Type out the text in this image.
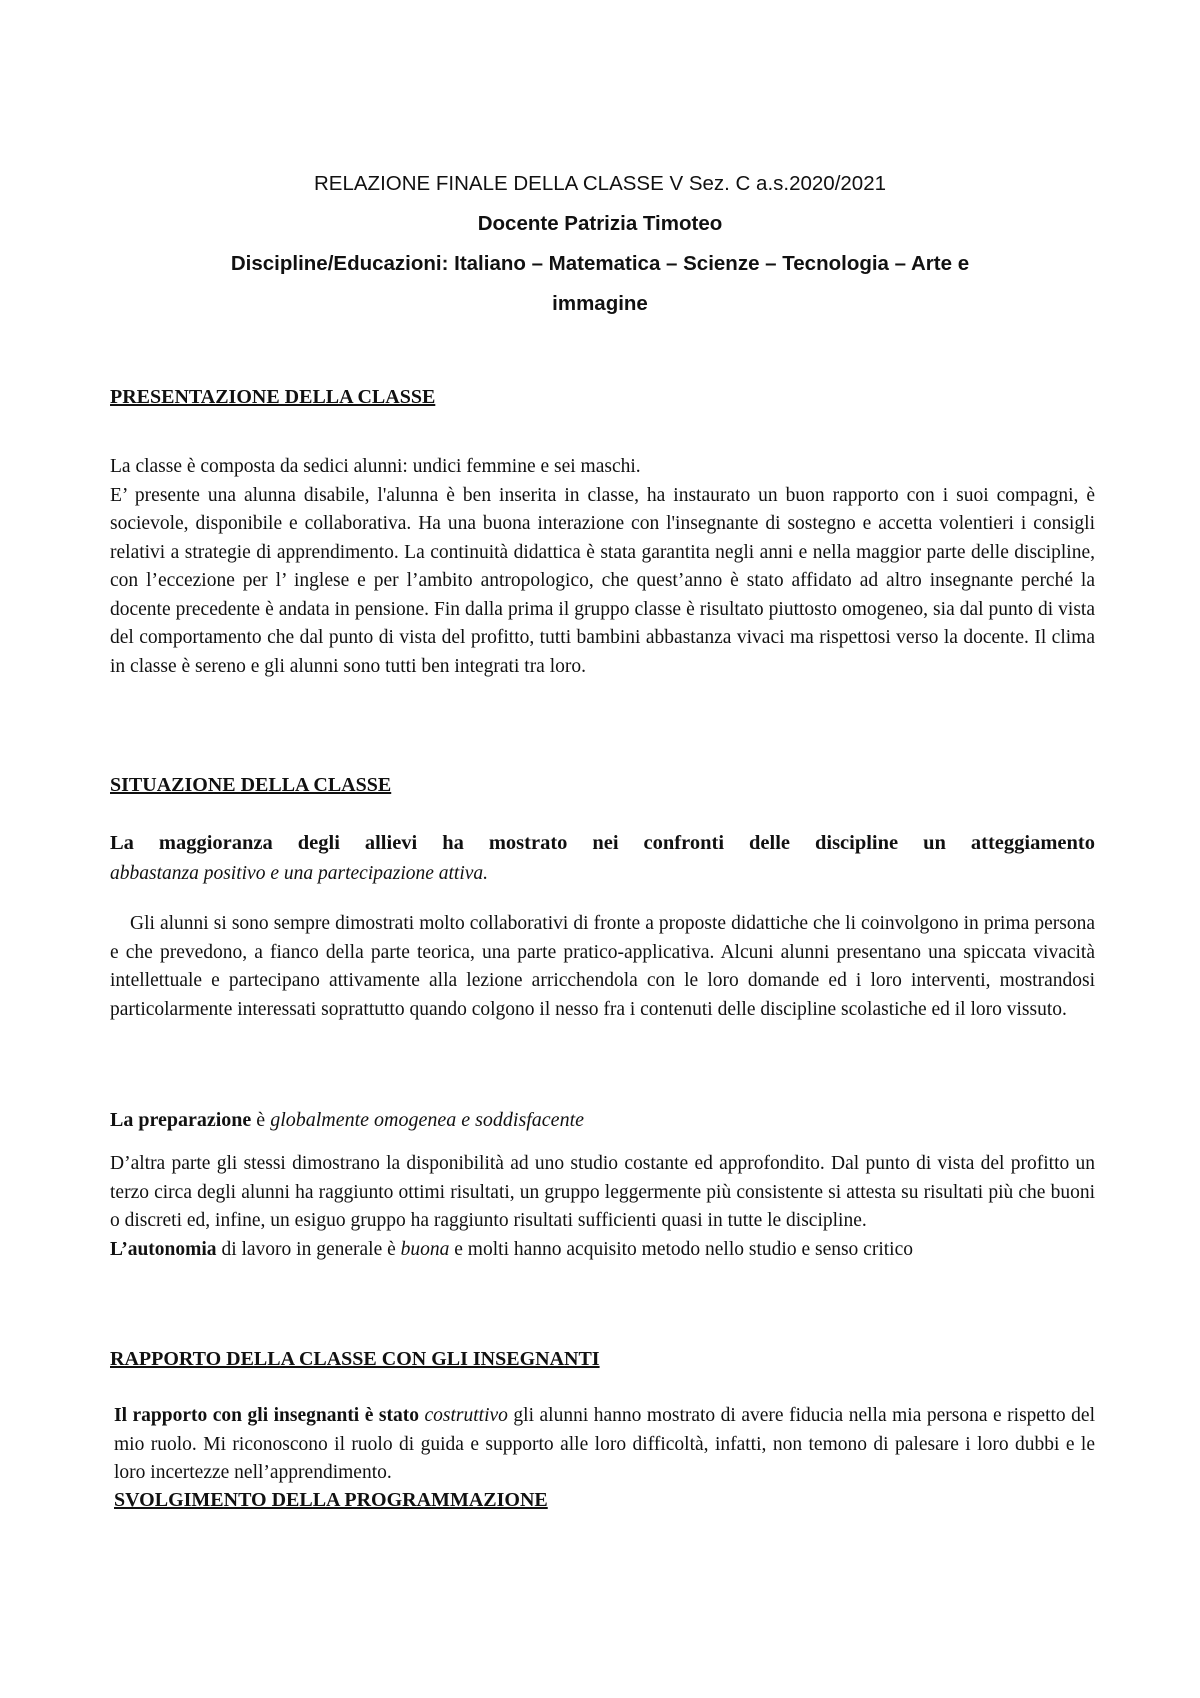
RELAZIONE FINALE DELLA CLASSE V Sez. C a.s.2020/2021

Docente Patrizia Timoteo

Discipline/Educazioni: Italiano – Matematica – Scienze – Tecnologia – Arte e

immagine

PRESENTAZIONE DELLA CLASSE

La classe è composta da sedici alunni: undici femmine e sei maschi.

E’ presente una alunna disabile, l'alunna è ben inserita in classe, ha instaurato un buon rapporto con i suoi compagni, è socievole, disponibile e collaborativa. Ha una buona interazione con l'insegnante di sostegno e accetta volentieri i consigli relativi a strategie di apprendimento. La continuità didattica è stata garantita negli anni e nella maggior parte delle discipline, con l’eccezione per l’ inglese e per l’ambito antropologico, che quest’anno è stato affidato ad altro insegnante perché la docente precedente è andata in pensione. Fin dalla prima il gruppo classe è risultato piuttosto omogeneo, sia dal punto di vista del comportamento che dal punto di vista del profitto, tutti bambini abbastanza vivaci ma rispettosi verso la docente. Il clima in classe è sereno e gli alunni sono tutti ben integrati tra loro.

SITUAZIONE DELLA CLASSE

La maggioranza degli allievi ha mostrato nei confronti delle discipline un atteggiamento

abbastanza positivo e una partecipazione attiva.

Gli alunni si sono sempre dimostrati molto collaborativi di fronte a proposte didattiche che li coinvolgono in prima persona e che prevedono, a fianco della parte teorica, una parte pratico-applicativa. Alcuni alunni presentano una spiccata vivacità intellettuale e partecipano attivamente alla lezione arricchendola con le loro domande ed i loro interventi, mostrandosi particolarmente interessati soprattutto quando colgono il nesso fra i contenuti delle discipline scolastiche ed il loro vissuto.

La preparazione è globalmente omogenea e soddisfacente

D’altra parte gli stessi dimostrano la disponibilità ad uno studio costante ed approfondito. Dal punto di vista del profitto un terzo circa degli alunni ha raggiunto ottimi risultati, un gruppo leggermente più consistente si attesta su risultati più che buoni o discreti ed, infine, un esiguo gruppo ha raggiunto risultati sufficienti quasi in tutte le discipline.

L’autonomia di lavoro in generale è buona e molti hanno acquisito metodo nello studio e senso critico

RAPPORTO DELLA CLASSE CON GLI INSEGNANTI

Il rapporto con gli insegnanti è stato costruttivo gli alunni hanno mostrato di avere fiducia nella mia persona e rispetto del mio ruolo. Mi riconoscono il ruolo di guida e supporto alle loro difficoltà, infatti, non temono di palesare i loro dubbi e le loro incertezze nell’apprendimento.

SVOLGIMENTO DELLA PROGRAMMAZIONE
